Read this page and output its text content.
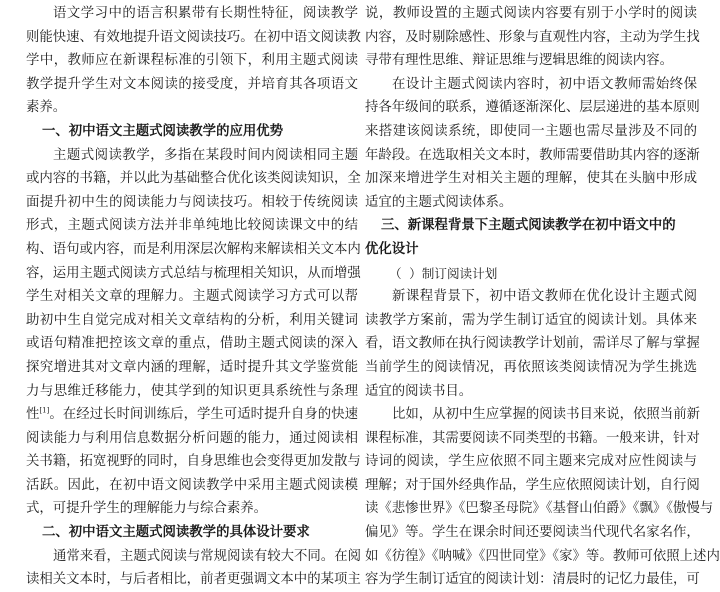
语文学习中的语言积累带有长期性特征，阅读教学
则能快速、有效地提升语文阅读技巧。在初中语文阅读教
学中，教师应在新课程标准的引领下，利用主题式阅读
教学提升学生对文本阅读的接受度，并培育其各项语文
素养。
一、初中语文主题式阅读教学的应用优势
主题式阅读教学，多指在某段时间内阅读相同主题
或内容的书籍，并以此为基础整合优化该类阅读知识，全
面提升初中生的阅读能力与阅读技巧。相较于传统阅读
形式，主题式阅读方法并非单纯地比较阅读课文中的结
构、语句或内容，而是利用深层次解构来解读相关文本内
容，运用主题式阅读方式总结与梳理相关知识，从而增强
学生对相关文章的理解力。主题式阅读学习方式可以帮
助初中生自觉完成对相关文章结构的分析，利用关键词
或语句精准把控该文章的重点，借助主题式阅读的深入
探究增进其对文章内涵的理解，适时提升其文学鉴赏能
力与思维迁移能力，使其学到的知识更具系统性与条理
性[1]。在经过长时间训练后，学生可适时提升自身的快速
阅读能力与利用信息数据分析问题的能力，通过阅读相
关书籍，拓宽视野的同时，自身思维也会变得更加发散与
活跃。因此，在初中语文阅读教学中采用主题式阅读模
式，可提升学生的理解能力与综合素养。
二、初中语文主题式阅读教学的具体设计要求
通常来看，主题式阅读与常规阅读有较大不同。在阅
读相关文本时，与后者相比，前者更强调文本中的某项主
说，教师设置的主题式阅读内容要有别于小学时的阅读
内容，及时剔除感性、形象与直观性内容，主动为学生找
寻带有理性思维、辩证思维与逻辑思维的阅读内容。
在设计主题式阅读内容时，初中语文教师需始终保
持各年级间的联系，遵循逐渐深化、层层递进的基本原则
来搭建该阅读系统，即使同一主题也需尽量涉及不同的
年龄段。在选取相关文本时，教师需要借助其内容的逐渐
加深来增进学生对相关主题的理解，使其在头脑中形成
适宜的主题式阅读体系。
三、新课程背景下主题式阅读教学在初中语文中的
优化设计
（ ）制订阅读计划
新课程背景下，初中语文教师在优化设计主题式阅
读教学方案前，需为学生制订适宜的阅读计划。具体来
看，语文教师在执行阅读教学计划前，需详尽了解与掌握
当前学生的阅读情况，再依照该类阅读情况为学生挑选
适宜的阅读书目。
比如，从初中生应掌握的阅读书目来说，依照当前新
课程标准，其需要阅读不同类型的书籍。一般来讲，针对
诗词的阅读，学生应依照不同主题来完成对应性阅读与
理解；对于国外经典作品，学生应依照阅读计划，自行阅
读《悲惨世界》《巴黎圣母院》《基督山伯爵》《飘》《傲慢与
偏见》等。学生在课余时间还要阅读当代现代名家名作，
如《彷徨》《呐喊》《四世同堂》《家》等。教师可依照上述内
容为学生制订适宜的阅读计划：清晨时的记忆力最佳，可
